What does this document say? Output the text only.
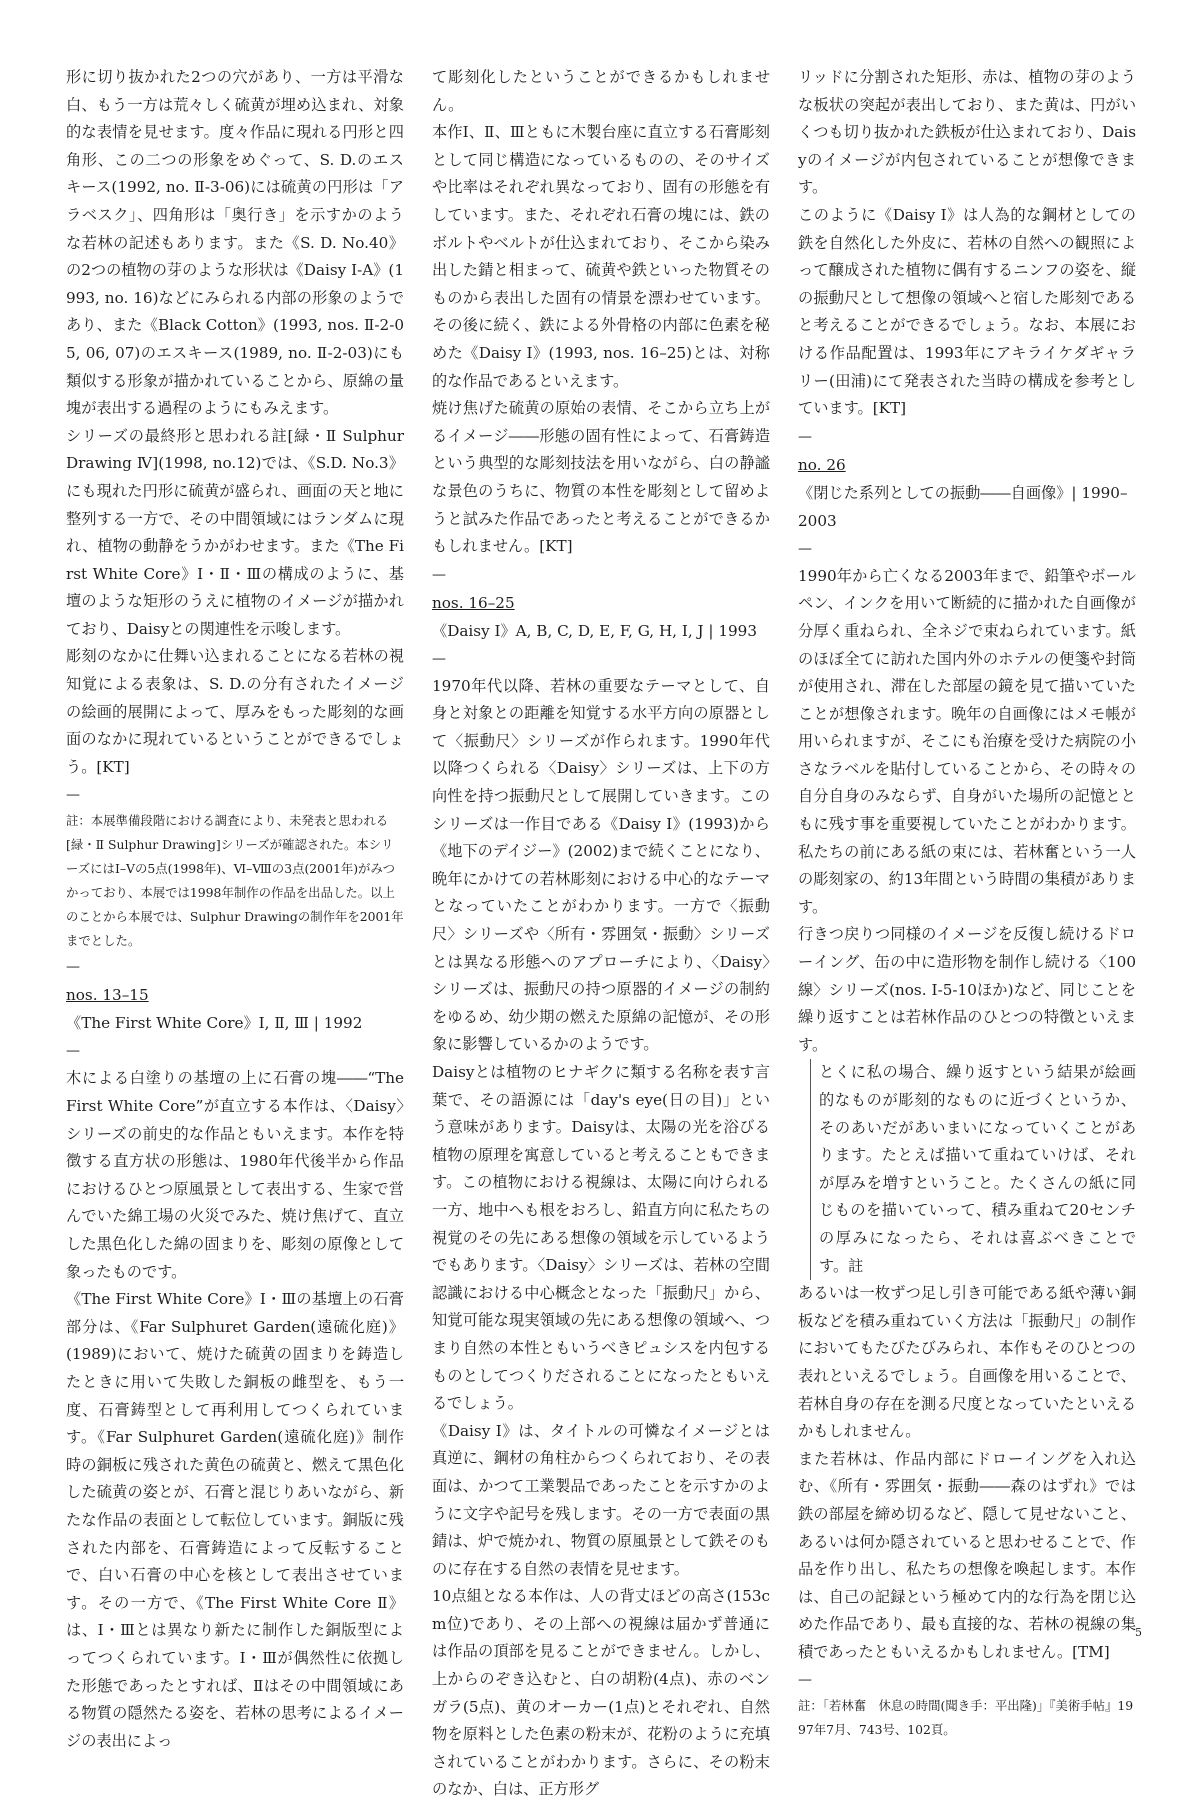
形に切り抜かれた2つの穴があり、一方は平滑な白、もう一方は荒々しく硫黄が埋め込まれ、対象的な表情を見せます。度々作品に現れる円形と四角形、この二つの形象をめぐって、S. D.のエスキース(1992, no. Ⅱ-3-06)には硫黄の円形は「アラベスク」、四角形は「奥行き」を示すかのような若林の記述もあります。また《S. D. No.40》の2つの植物の芽のような形状は《Daisy Ⅰ-A》(1993, no. 16)などにみられる内部の形象のようであり、また《Black Cotton》(1993, nos. Ⅱ-2-05, 06, 07)のエスキース(1989, no. Ⅱ-2-03)にも類似する形象が描かれていることから、原綿の量塊が表出する過程のようにもみえます。

シリーズの最終形と思われる註[緑・Ⅱ Sulphur Drawing Ⅳ](1998, no.12)では、《S.D. No.3》にも現れた円形に硫黄が盛られ、画面の天と地に整列する一方で、その中間領域にはランダムに現れ、植物の動静をうかがわせます。また《The First White Core》Ⅰ・Ⅱ・Ⅲの構成のように、基壇のような矩形のうえに植物のイメージが描かれており、Daisyとの関連性を示唆します。

彫刻のなかに仕舞い込まれることになる若林の視知覚による表象は、S. D.の分有されたイメージの絵画的展開によって、厚みをもった彫刻的な画面のなかに現れているということができるでしょう。[KT]

—

註：本展準備段階における調査により、未発表と思われる[緑・Ⅱ Sulphur Drawing]シリーズが確認された。本シリーズにはⅠ–Ⅴの5点(1998年)、Ⅵ–Ⅷの3点(2001年)がみつかっており、本展では1998年制作の作品を出品した。以上のことから本展では、Sulphur Drawingの制作年を2001年までとした。

—

nos. 13–15

《The First White Core》Ⅰ, Ⅱ, Ⅲ | 1992

—

木による白塗りの基壇の上に石膏の塊――“The First White Core”が直立する本作は、〈Daisy〉シリーズの前史的な作品ともいえます。本作を特徴する直方状の形態は、1980年代後半から作品におけるひとつ原風景として表出する、生家で営んでいた綿工場の火災でみた、焼け焦げて、直立した黒色化した綿の固まりを、彫刻の原像として象ったものです。

《The First White Core》Ⅰ・Ⅲの基壇上の石膏部分は、《Far Sulphuret Garden(遠硫化庭)》(1989)において、焼けた硫黄の固まりを鋳造したときに用いて失敗した銅板の雌型を、もう一度、石膏鋳型として再利用してつくられています。《Far Sulphuret Garden(遠硫化庭)》制作時の銅板に残された黄色の硫黄と、燃えて黒色化した硫黄の姿とが、石膏と混じりあいながら、新たな作品の表面として転位しています。銅版に残された内部を、石膏鋳造によって反転することで、白い石膏の中心を核として表出させています。その一方で、《The First White Core Ⅱ》は、Ⅰ・Ⅲとは異なり新たに制作した銅版型によってつくられています。Ⅰ・Ⅲが偶然性に依拠した形態であったとすれば、Ⅱはその中間領域にある物質の隠然たる姿を、若林の思考によるイメージの表出によっ

て彫刻化したということができるかもしれません。

本作Ⅰ、Ⅱ、Ⅲともに木製台座に直立する石膏彫刻として同じ構造になっているものの、そのサイズや比率はそれぞれ異なっており、固有の形態を有しています。また、それぞれ石膏の塊には、鉄のボルトやベルトが仕込まれており、そこから染み出した錆と相まって、硫黄や鉄といった物質そのものから表出した固有の情景を漂わせています。その後に続く、鉄による外骨格の内部に色素を秘めた《Daisy Ⅰ》(1993, nos. 16–25)とは、対称的な作品であるといえます。

焼け焦げた硫黄の原始の表情、そこから立ち上がるイメージ――形態の固有性によって、石膏鋳造という典型的な彫刻技法を用いながら、白の静謐な景色のうちに、物質の本性を彫刻として留めようと試みた作品であったと考えることができるかもしれません。[KT]

—

nos. 16–25

《Daisy Ⅰ》A, B, C, D, E, F, G, H, I, J | 1993

—

1970年代以降、若林の重要なテーマとして、自身と対象との距離を知覚する水平方向の原器として〈振動尺〉シリーズが作られます。1990年代以降つくられる〈Daisy〉シリーズは、上下の方向性を持つ振動尺として展開していきます。このシリーズは一作目である《Daisy Ⅰ》(1993)から《地下のデイジー》(2002)まで続くことになり、晩年にかけての若林彫刻における中心的なテーマとなっていたことがわかります。一方で〈振動尺〉シリーズや〈所有・雰囲気・振動〉シリーズとは異なる形態へのアプローチにより、〈Daisy〉シリーズは、振動尺の持つ原器的イメージの制約をゆるめ、幼少期の燃えた原綿の記憶が、その形象に影響しているかのようです。

Daisyとは植物のヒナギクに類する名称を表す言葉で、その語源には「day's eye(日の目)」という意味があります。Daisyは、太陽の光を浴びる植物の原理を寓意していると考えることもできます。この植物における視線は、太陽に向けられる一方、地中へも根をおろし、鉛直方向に私たちの視覚のその先にある想像の領域を示しているようでもあります。〈Daisy〉シリーズは、若林の空間認識における中心概念となった「振動尺」から、知覚可能な現実領域の先にある想像の領域へ、つまり自然の本性ともいうべきピュシスを内包するものとしてつくりだされることになったともいえるでしょう。

《Daisy Ⅰ》は、タイトルの可憐なイメージとは真逆に、鋼材の角柱からつくられており、その表面は、かつて工業製品であったことを示すかのように文字や記号を残します。その一方で表面の黒錆は、炉で焼かれ、物質の原風景として鉄そのものに存在する自然の表情を見せます。

10点組となる本作は、人の背丈ほどの高さ(153cm位)であり、その上部への視線は届かず普通には作品の頂部を見ることができません。しかし、上からのぞき込むと、白の胡粉(4点)、赤のベンガラ(5点)、黄のオーカー(1点)とそれぞれ、自然物を原料とした色素の粉末が、花粉のように充填されていることがわかります。さらに、その粉末のなか、白は、正方形グ

リッドに分割された矩形、赤は、植物の芽のような板状の突起が表出しており、また黄は、円がいくつも切り抜かれた鉄板が仕込まれており、Daisyのイメージが内包されていることが想像できます。

このように《Daisy Ⅰ》は人為的な鋼材としての鉄を自然化した外皮に、若林の自然への観照によって醸成された植物に偶有するニンフの姿を、縦の振動尺として想像の領域へと宿した彫刻であると考えることができるでしょう。なお、本展における作品配置は、1993年にアキライケダギャラリー(田浦)にて発表された当時の構成を参考としています。[KT]

—

no. 26

《閉じた系列としての振動――自画像》| 1990–2003

—

1990年から亡くなる2003年まで、鉛筆やボールペン、インクを用いて断続的に描かれた自画像が分厚く重ねられ、全ネジで束ねられています。紙のほぼ全てに訪れた国内外のホテルの便箋や封筒が使用され、滞在した部屋の鏡を見て描いていたことが想像されます。晩年の自画像にはメモ帳が用いられますが、そこにも治療を受けた病院の小さなラベルを貼付していることから、その時々の自分自身のみならず、自身がいた場所の記憶とともに残す事を重要視していたことがわかります。私たちの前にある紙の束には、若林奮という一人の彫刻家の、約13年間という時間の集積があります。

行きつ戻りつ同様のイメージを反復し続けるドローイング、缶の中に造形物を制作し続ける〈100線〉シリーズ(nos. Ⅰ-5-10ほか)など、同じことを繰り返すことは若林作品のひとつの特徴といえます。

とくに私の場合、繰り返すという結果が絵画的なものが彫刻的なものに近づくというか、そのあいだがあいまいになっていくことがあります。たとえば描いて重ねていけば、それが厚みを増すということ。たくさんの紙に同じものを描いていって、積み重ねて20センチの厚みになったら、それは喜ぶべきことです。註

あるいは一枚ずつ足し引き可能である紙や薄い銅板などを積み重ねていく方法は「振動尺」の制作においてもたびたびみられ、本作もそのひとつの表れといえるでしょう。自画像を用いることで、若林自身の存在を測る尺度となっていたといえるかもしれません。

また若林は、作品内部にドローイングを入れ込む、《所有・雰囲気・振動――森のはずれ》では鉄の部屋を締め切るなど、隠して見せないこと、あるいは何か隠されていると思わせることで、作品を作り出し、私たちの想像を喚起します。本作は、自己の記録という極めて内的な行為を閉じ込めた作品であり、最も直接的な、若林の視線の集積であったともいえるかもしれません。[TM]

—

註：「若林奮　休息の時間(聞き手：平出隆)」『美術手帖』1997年7月、743号、102頁。

5
